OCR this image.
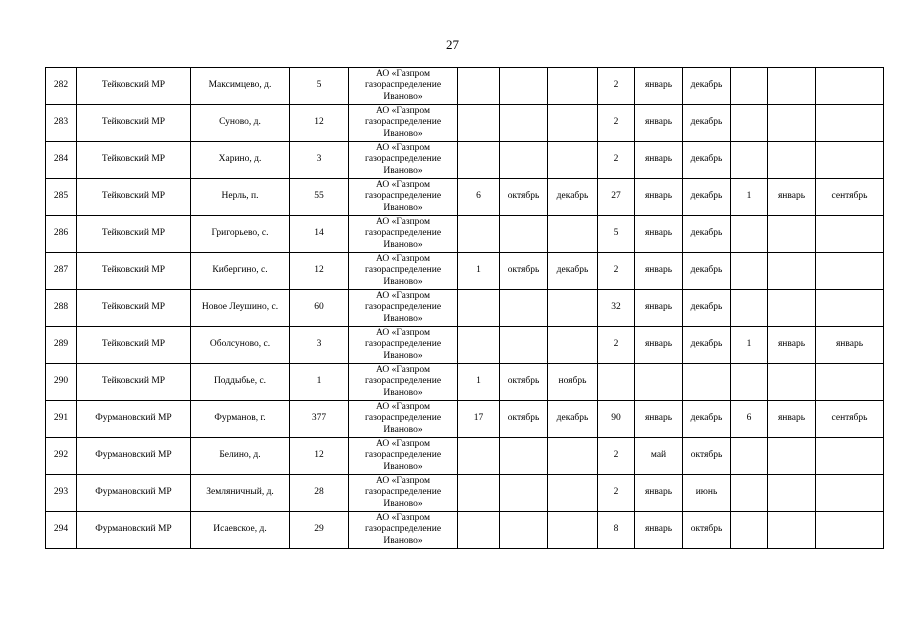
27
282	Тейковский МР	Максимцево, д.	5	АО «Газпром
газораспределение
Иваново»				2	январь	декабрь			
283	Тейковский МР	Суново, д.	12	АО «Газпром
газораспределение
Иваново»				2	январь	декабрь			
284	Тейковский МР	Харино, д.	3	АО «Газпром
газораспределение
Иваново»				2	январь	декабрь			
285	Тейковский МР	Нерль, п.	55	АО «Газпром
газораспределение
Иваново»	6	октябрь	декабрь	27	январь	декабрь	1	январь	сентябрь
286	Тейковский МР	Григорьево, с.	14	АО «Газпром
газораспределение
Иваново»				5	январь	декабрь			
287	Тейковский МР	Кибергино, с.	12	АО «Газпром
газораспределение
Иваново»	1	октябрь	декабрь	2	январь	декабрь			
288	Тейковский МР	Новое Леушино, с.	60	АО «Газпром
газораспределение
Иваново»				32	январь	декабрь			
289	Тейковский МР	Оболсуново, с.	3	АО «Газпром
газораспределение
Иваново»				2	январь	декабрь	1	январь	январь
290	Тейковский МР	Поддыбье, с.	1	АО «Газпром
газораспределение
Иваново»	1	октябрь	ноябрь						
291	Фурмановский МР	Фурманов, г.	377	АО «Газпром
газораспределение
Иваново»	17	октябрь	декабрь	90	январь	декабрь	6	январь	сентябрь
292	Фурмановский МР	Белино, д.	12	АО «Газпром
газораспределение
Иваново»				2	май	октябрь			
293	Фурмановский МР	Земляничный, д.	28	АО «Газпром
газораспределение
Иваново»				2	январь	июнь			
294	Фурмановский МР	Исаевское, д.	29	АО «Газпром
газораспределение
Иваново»				8	январь	октябрь			
